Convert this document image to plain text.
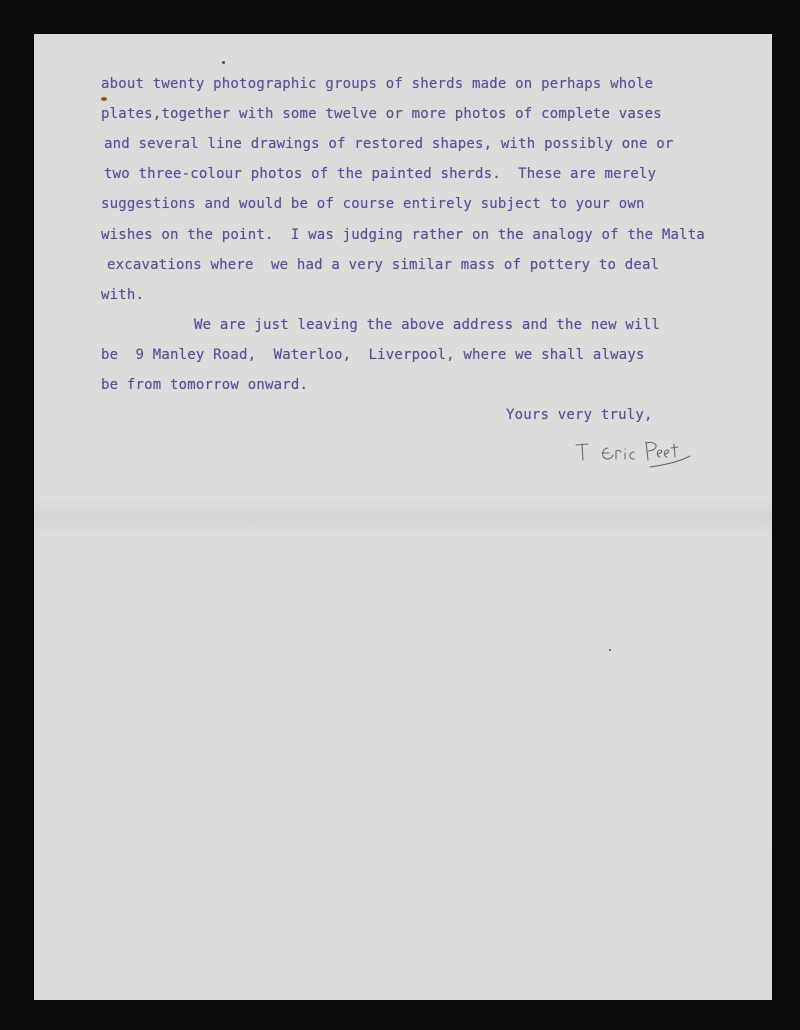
about twenty photographic groups of sherds made on perhaps whole
plates,together with some twelve or more photos of complete vases
and several line drawings of restored shapes, with possibly one or
two three-colour photos of the painted sherds.  These are merely
suggestions and would be of course entirely subject to your own
wishes on the point.  I was judging rather on the analogy of the Malta
excavations where  we had a very similar mass of pottery to deal
with.
We are just leaving the above address and the new will
be  9 Manley Road,  Waterloo,  Liverpool, where we shall always
be from tomorrow onward.
Yours very truly,
